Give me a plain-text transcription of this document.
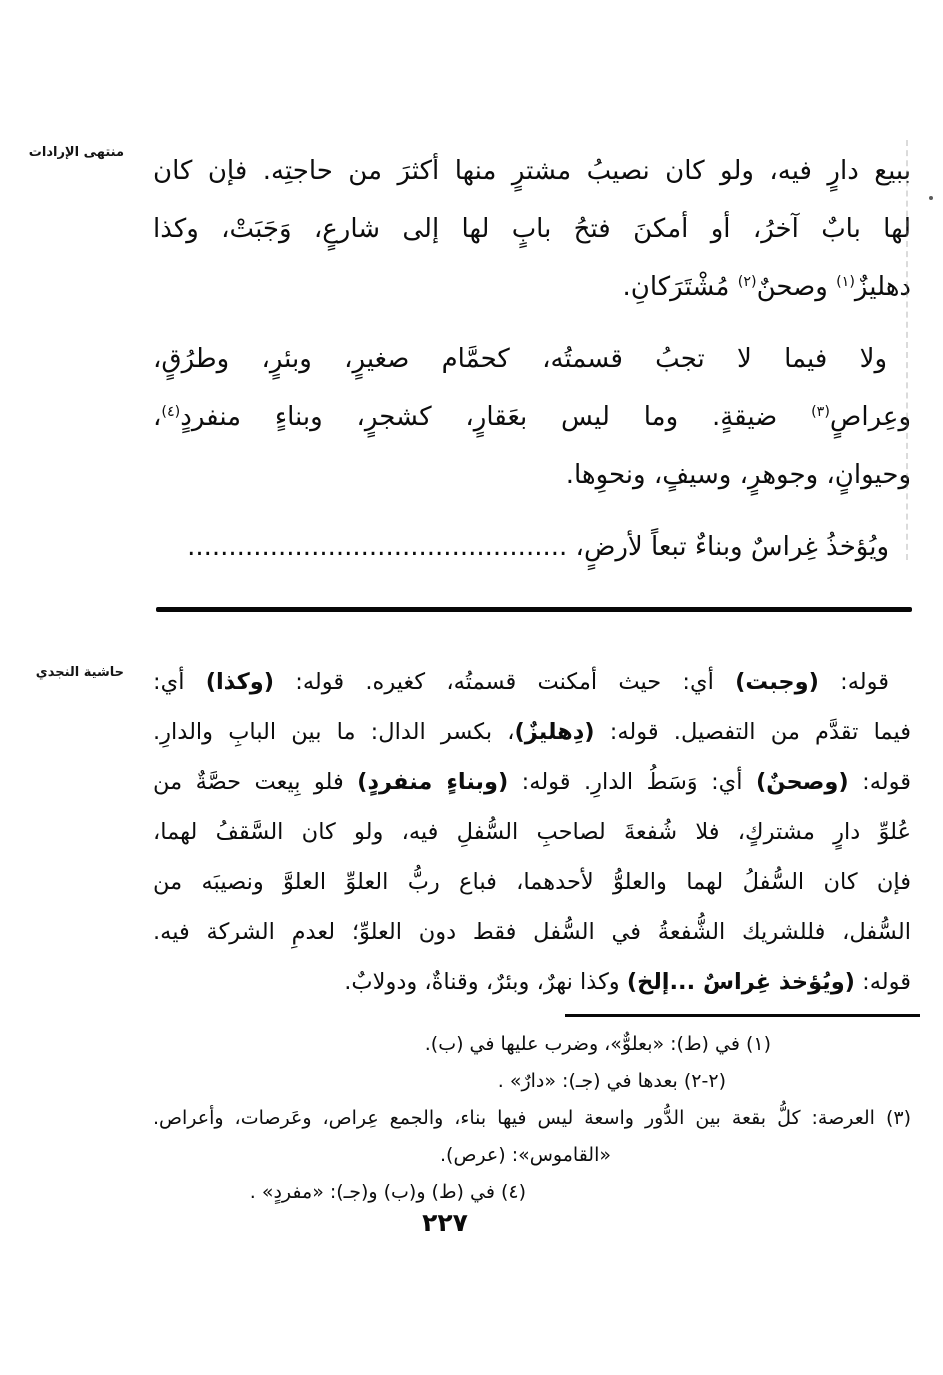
منتهى الإرادات
حاشية النجدي
ببيع دارٍ فيه، ولو كان نصيبُ مشترٍ منها أكثرَ من حاجتِه. فإن كان
لها بابٌ آخرُ، أو أمكنَ فتحُ بابٍ لها إلى شارعٍ، وَجَبَتْ، وكذا
دهليزٌ$^{(١)}$ وصحنٌ$^{(٢)}$ مُشْتَرَكانِ.
ولا فيما لا تجبُ قسمتُه، كحمَّام صغيرٍ، وبئرٍ، وطرُقٍ،
وعِراصٍ$^{(٣)}$ ضيقةٍ. وما ليس بعَقارٍ، كشجرٍ، وبناءٍ منفردٍ$^{(٤)}$،
وحيوانٍ، وجوهرٍ، وسيفٍ، ونحوِها.
ويُؤخذُ غِراسٌ وبناءٌ تبعاً لأرضٍ، ..............................................
قوله: (وجبت) أي: حيث أمكنت قسمتُه، كغيره. قوله: (وكذا) أي:
فيما تقدَّم من التفصيل. قوله: (دِهليزٌ)، بكسر الدال: ما بين البابِ والدارِ.
قوله: (وصحنٌ) أي: وَسَطُ الدارِ. قوله: (وبناءٍ منفردٍ) فلو بِيعت حصَّةٌ من
عُلوِّ دارٍ مشتركٍ، فلا شُفعةَ لصاحبِ السُّفلِ فيه، ولو كان السَّقفُ لهما،
فإن كان السُّفلُ لهما والعلوُّ لأحدهما، فباع ربُّ العلوِّ العلوَّ ونصيبَه من
السُّفل، فللشريك الشُّفعةُ في السُّفل فقط دون العلوِّ؛ لعدمِ الشركة فيه.
قوله: (ويُؤخذ غِراسٌ ...إلخ) وكذا نهرٌ، وبئرٌ، وقناةٌ، ودولابٌ.
(١) في (ط): «بعلوٌّ»، وضرب عليها في (ب).
(٢-٢) بعدها في (جـ): «دارٌ» .
(٣) العرصة: كلُّ بقعة بين الدُّور واسعة ليس فيها بناء، والجمع عِراص، وعَرصات، وأعراص.
«القاموس»: (عرص).
(٤) في (ط) و(ب) و(جـ): «مفردٍ» .
٢٢٧
